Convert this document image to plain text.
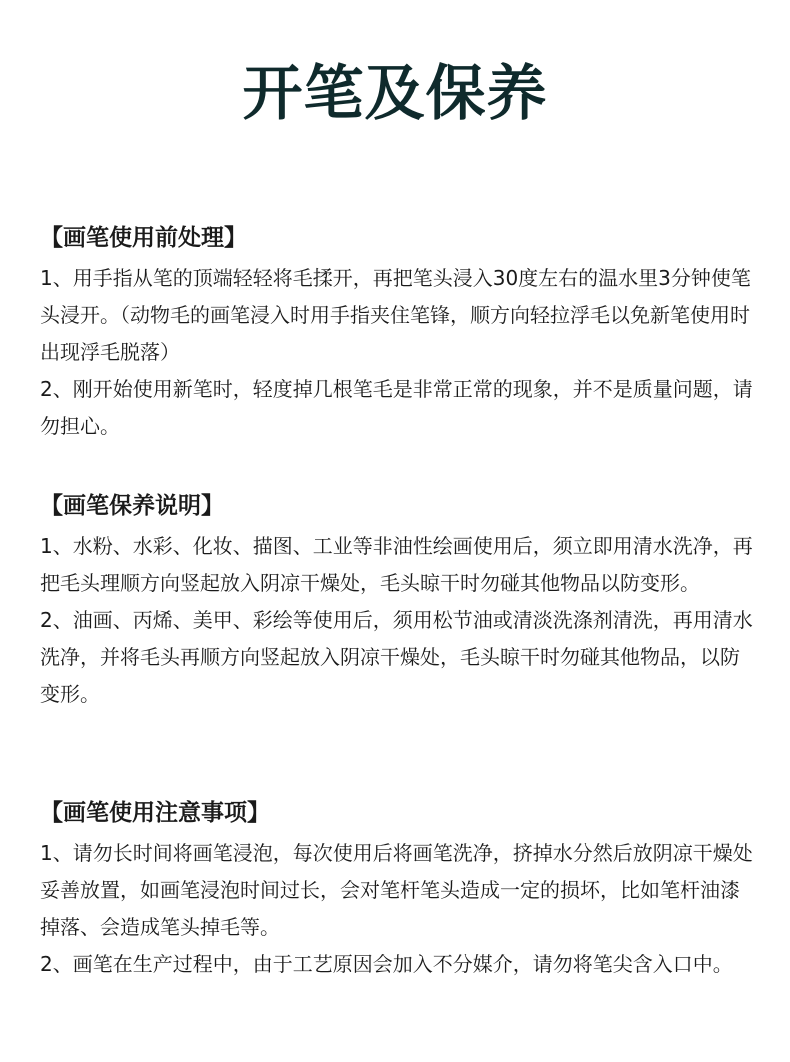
开笔及保养
【画笔使用前处理】

1、用手指从笔的顶端轻轻将毛揉开，再把笔头浸入30度左右的温水里3分钟使笔头浸开。（动物毛的画笔浸入时用手指夹住笔锋，顺方向轻拉浮毛以免新笔使用时出现浮毛脱落）

2、刚开始使用新笔时，轻度掉几根笔毛是非常正常的现象，并不是质量问题，请勿担心。

【画笔保养说明】

1、水粉、水彩、化妆、描图、工业等非油性绘画使用后，须立即用清水洗净，再把毛头理顺方向竖起放入阴凉干燥处，毛头晾干时勿碰其他物品以防变形。

2、油画、丙烯、美甲、彩绘等使用后，须用松节油或清淡洗涤剂清洗，再用清水洗净，并将毛头再顺方向竖起放入阴凉干燥处，毛头晾干时勿碰其他物品，以防变形。

【画笔使用注意事项】

1、请勿长时间将画笔浸泡，每次使用后将画笔洗净，挤掉水分然后放阴凉干燥处妥善放置，如画笔浸泡时间过长，会对笔杆笔头造成一定的损坏，比如笔杆油漆掉落、会造成笔头掉毛等。

2、画笔在生产过程中，由于工艺原因会加入不分媒介，请勿将笔尖含入口中。
